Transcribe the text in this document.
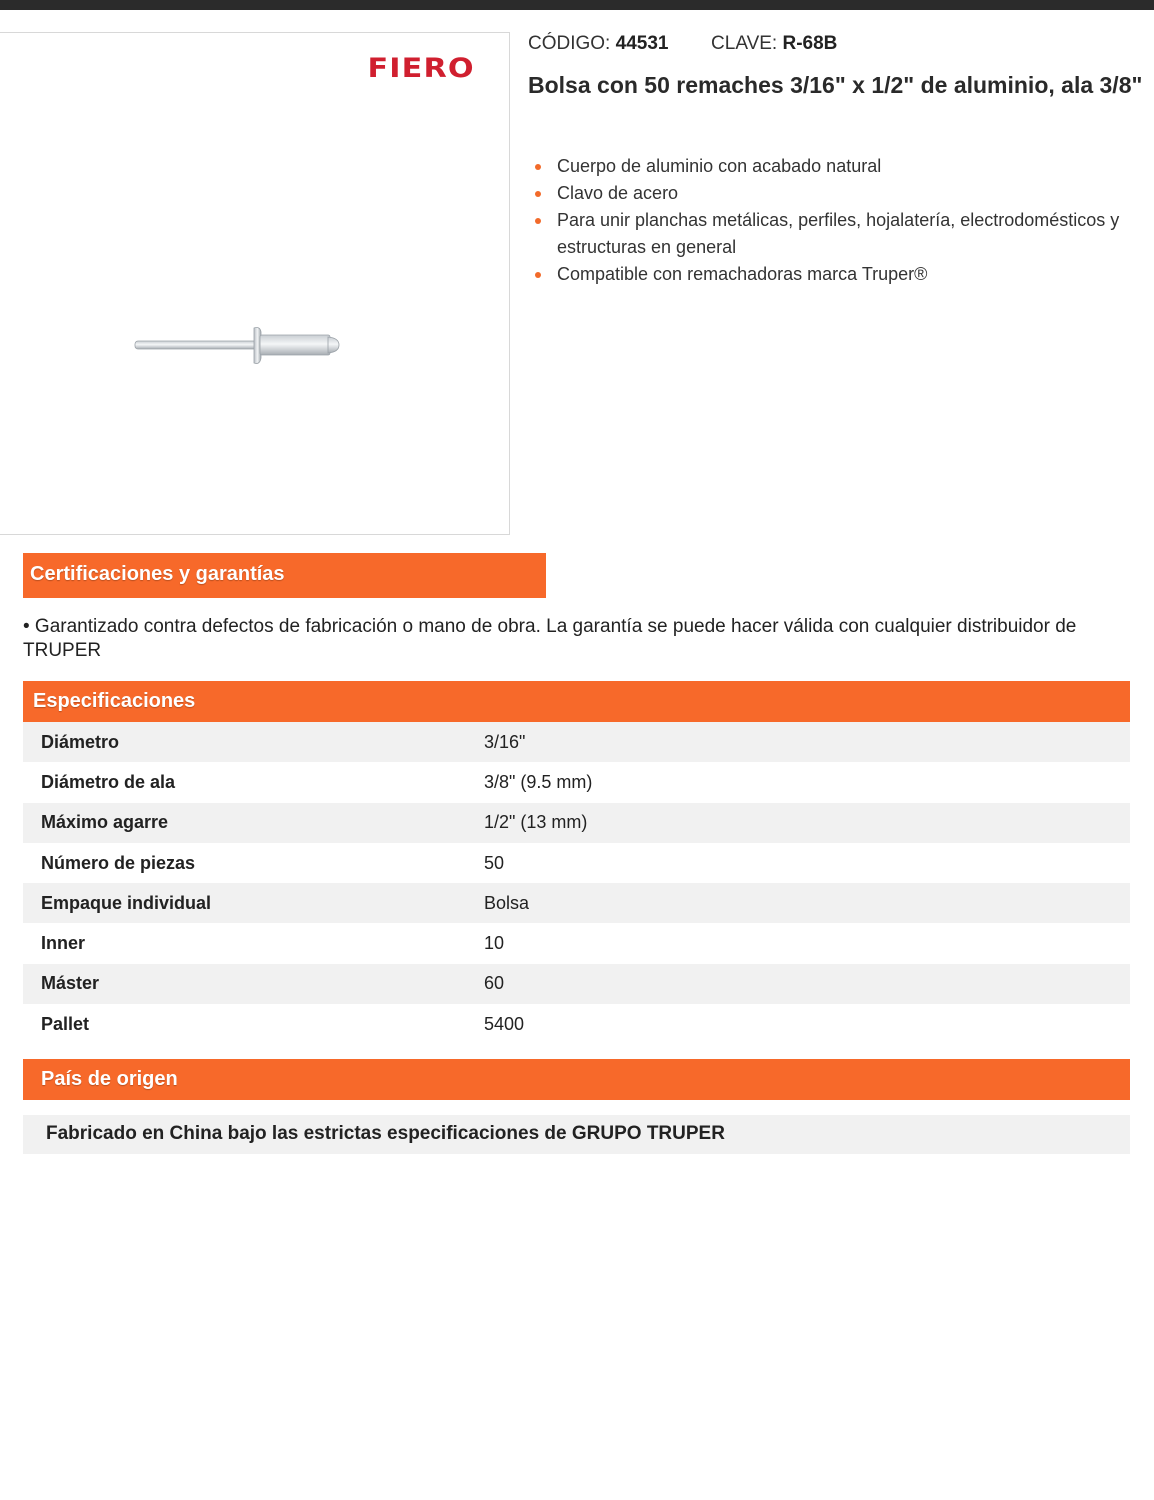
FIERO
CÓDIGO: 44531 CLAVE: R-68B
Bolsa con 50 remaches 3/16" x 1/2" de aluminio, ala 3/8"
Cuerpo de aluminio con acabado natural
Clavo de acero
Para unir planchas metálicas, perfiles, hojalatería, electrodomésticos y estructuras en general
Compatible con remachadoras marca Truper®
Certificaciones y garantías

• Garantizado contra defectos de fabricación o mano de obra. La garantía se puede hacer válida con cualquier distribuidor de TRUPER

Especificaciones
Diámetro	3/16"
Diámetro de ala	3/8" (9.5 mm)
Máximo agarre	1/2" (13 mm)
Número de piezas	50
Empaque individual	Bolsa
Inner	10
Máster	60
Pallet	5400
País de origen
Fabricado en China bajo las estrictas especificaciones de GRUPO TRUPER
